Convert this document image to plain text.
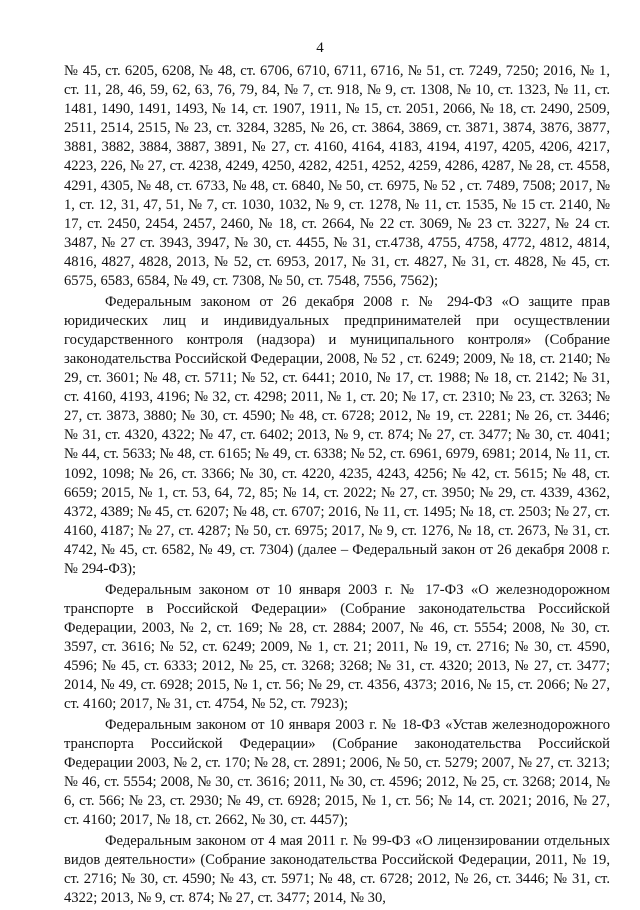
4

№ 45, ст. 6205, 6208, № 48, ст. 6706, 6710, 6711, 6716, № 51, ст. 7249, 7250; 2016, № 1, ст. 11, 28, 46, 59, 62, 63, 76, 79, 84, № 7, ст. 918, № 9, ст. 1308, № 10, ст. 1323, № 11, ст. 1481, 1490, 1491, 1493, № 14, ст. 1907, 1911, № 15, ст. 2051, 2066, № 18, ст. 2490, 2509, 2511, 2514, 2515, № 23, ст. 3284, 3285, № 26, ст. 3864, 3869, ст. 3871, 3874, 3876, 3877, 3881, 3882, 3884, 3887, 3891, № 27, ст. 4160, 4164, 4183, 4194, 4197, 4205, 4206, 4217, 4223, 226, № 27, ст. 4238, 4249, 4250, 4282, 4251, 4252, 4259, 4286, 4287, № 28, ст. 4558, 4291, 4305, № 48, ст. 6733, № 48, ст. 6840, № 50, ст. 6975, № 52 , ст. 7489, 7508; 2017, № 1, ст. 12, 31, 47, 51, № 7, ст. 1030, 1032, № 9, ст. 1278, № 11, ст. 1535, № 15 ст. 2140, № 17, ст. 2450, 2454, 2457, 2460, № 18, ст. 2664, № 22 ст. 3069, № 23 ст. 3227, № 24 ст. 3487, № 27 ст. 3943, 3947, № 30, ст. 4455, № 31, ст.4738, 4755, 4758, 4772, 4812, 4814, 4816, 4827, 4828, 2013, № 52, ст. 6953, 2017, № 31, ст. 4827, № 31, ст. 4828, № 45, ст. 6575, 6583, 6584, № 49, ст. 7308, № 50, ст. 7548, 7556, 7562);

Федеральным законом от 26 декабря 2008 г. № 294-ФЗ «О защите прав юридических лиц и индивидуальных предпринимателей при осуществлении государственного контроля (надзора) и муниципального контроля» (Собрание законодательства Российской Федерации, 2008, № 52 , ст. 6249; 2009, № 18, ст. 2140; № 29, ст. 3601; № 48, ст. 5711; № 52, ст. 6441; 2010, № 17, ст. 1988; № 18, ст. 2142; № 31, ст. 4160, 4193, 4196; № 32, ст. 4298; 2011, № 1, ст. 20; № 17, ст. 2310; № 23, ст. 3263; № 27, ст. 3873, 3880; № 30, ст. 4590; № 48, ст. 6728; 2012, № 19, ст. 2281; № 26, ст. 3446; № 31, ст. 4320, 4322; № 47, ст. 6402; 2013, № 9, ст. 874; № 27, ст. 3477; № 30, ст. 4041; № 44, ст. 5633; № 48, ст. 6165; № 49, ст. 6338; № 52, ст. 6961, 6979, 6981; 2014, № 11, ст. 1092, 1098; № 26, ст. 3366; № 30, ст. 4220, 4235, 4243, 4256; № 42, ст. 5615; № 48, ст. 6659; 2015, № 1, ст. 53, 64, 72, 85; № 14, ст. 2022; № 27, ст. 3950; № 29, ст. 4339, 4362, 4372, 4389; № 45, ст. 6207; № 48, ст. 6707; 2016, № 11, ст. 1495; № 18, ст. 2503; № 27, ст. 4160, 4187; № 27, ст. 4287; № 50, ст. 6975; 2017, № 9, ст. 1276, № 18, ст. 2673, № 31, ст. 4742, № 45, ст. 6582, № 49, ст. 7304) (далее – Федеральный закон от 26 декабря 2008 г. № 294-ФЗ);

Федеральным законом от 10 января 2003 г. № 17-ФЗ «О железнодорожном транспорте в Российской Федерации» (Собрание законодательства Российской Федерации, 2003, № 2, ст. 169; № 28, ст. 2884; 2007, № 46, ст. 5554; 2008, № 30, ст. 3597, ст. 3616; № 52, ст. 6249; 2009, № 1, ст. 21; 2011, № 19, ст. 2716; № 30, ст. 4590, 4596; № 45, ст. 6333; 2012, № 25, ст. 3268; 3268; № 31, ст. 4320; 2013, № 27, ст. 3477; 2014, № 49, ст. 6928; 2015, № 1, ст. 56; № 29, ст. 4356, 4373; 2016, № 15, ст. 2066; № 27, ст. 4160; 2017, № 31, ст. 4754, № 52, ст. 7923);

Федеральным законом от 10 января 2003 г. № 18-ФЗ «Устав железнодорожного транспорта Российской Федерации» (Собрание законодательства Российской Федерации 2003, № 2, ст. 170; № 28, ст. 2891; 2006, № 50, ст. 5279; 2007, № 27, ст. 3213; № 46, ст. 5554; 2008, № 30, ст. 3616; 2011, № 30, ст. 4596; 2012, № 25, ст. 3268; 2014, № 6, ст. 566; № 23, ст. 2930; № 49, ст. 6928; 2015, № 1, ст. 56; № 14, ст. 2021; 2016, № 27, ст. 4160; 2017, № 18, ст. 2662, № 30, ст. 4457);

Федеральным законом от 4 мая 2011 г. № 99-ФЗ «О лицензировании отдельных видов деятельности» (Собрание законодательства Российской Федерации, 2011, № 19, ст. 2716; № 30, ст. 4590; № 43, ст. 5971; № 48, ст. 6728; 2012, № 26, ст. 3446; № 31, ст. 4322; 2013, № 9, ст. 874; № 27, ст. 3477; 2014, № 30,
